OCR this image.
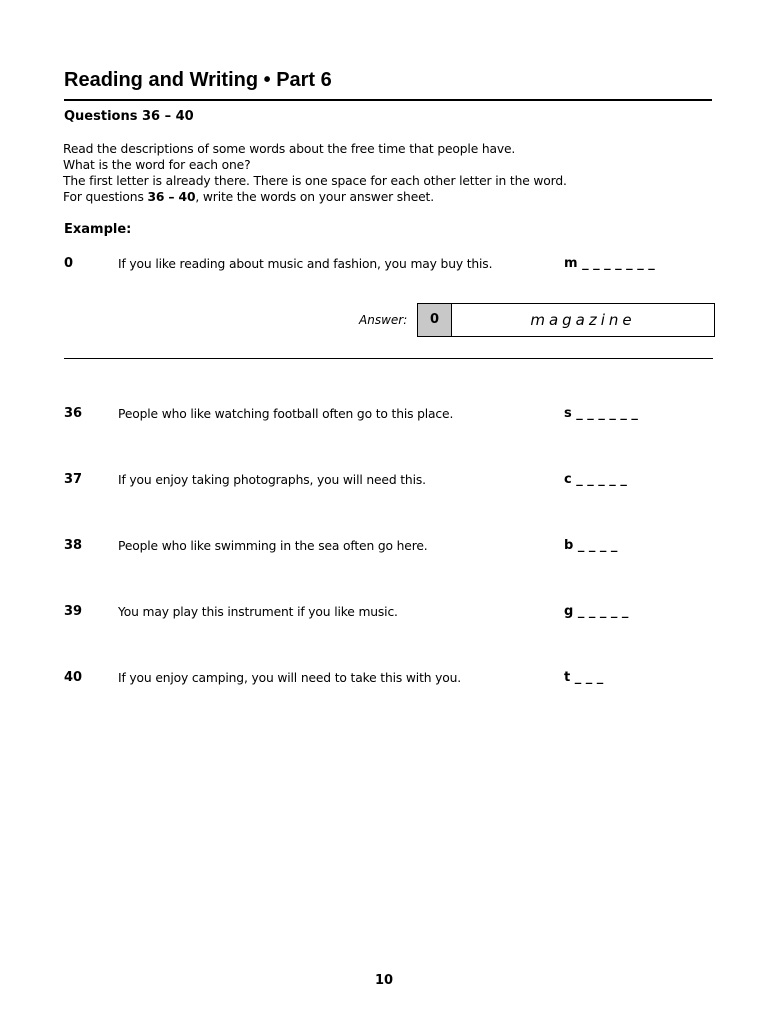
Reading and Writing • Part 6
Questions 36 – 40
Read the descriptions of some words about the free time that people have.
What is the word for each one?
The first letter is already there. There is one space for each other letter in the word.
For questions 36 – 40, write the words on your answer sheet.
Example:
0	If you like reading about music and fashion, you may buy this.	m _ _ _ _ _ _ _
Answer:	0	magazine
36	People who like watching football often go to this place.	s _ _ _ _ _ _
37	If you enjoy taking photographs, you will need this.	c _ _ _ _ _
38	People who like swimming in the sea often go here.	b _ _ _ _
39	You may play this instrument if you like music.	g _ _ _ _ _
40	If you enjoy camping, you will need to take this with you.	t _ _ _
10
